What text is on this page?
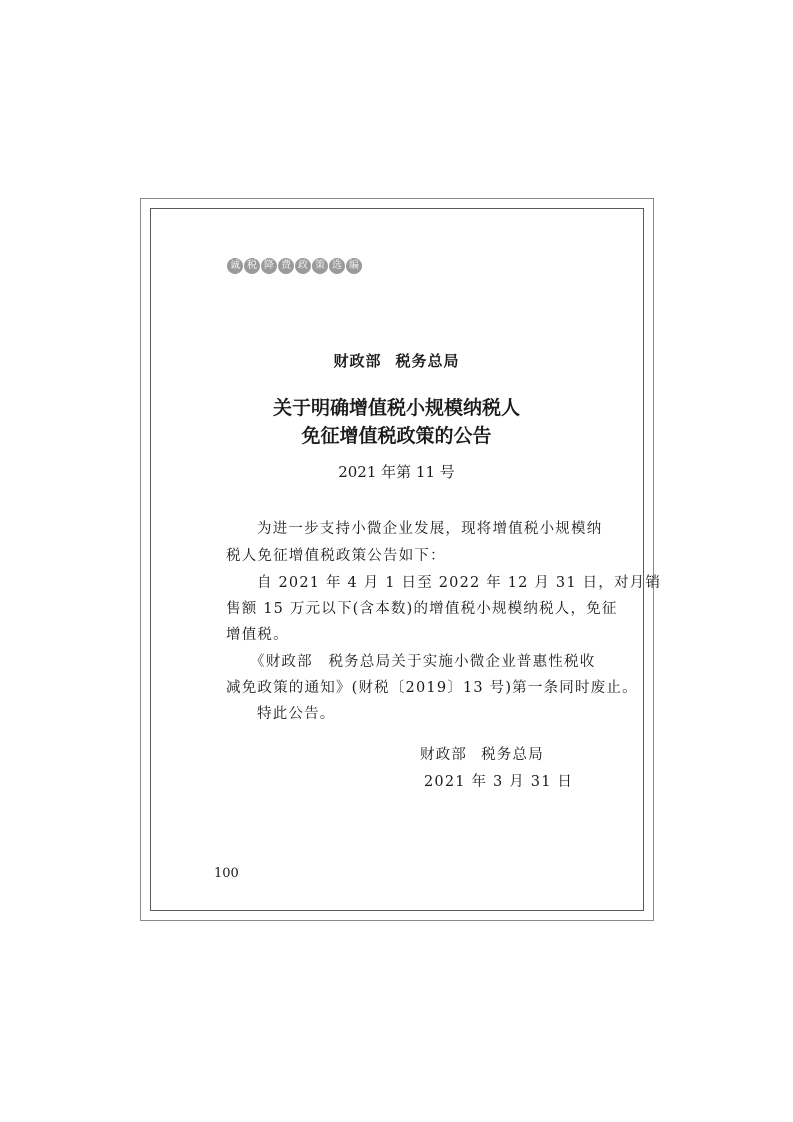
诚 税 降 费 政 策 选 编
财政部 税务总局
关于明确增值税小规模纳税人
免征增值税政策的公告
2021 年第 11 号
为进一步支持小微企业发展，现将增值税小规模纳
税人免征增值税政策公告如下：
自 2021 年 4 月 1 日至 2022 年 12 月 31 日，对月销
售额 15 万元以下(含本数)的增值税小规模纳税人，免征
增值税。
《财政部　税务总局关于实施小微企业普惠性税收
减免政策的通知》(财税〔2019〕13 号)第一条同时废止。
特此公告。
财政部 税务总局
2021 年 3 月 31 日
100
